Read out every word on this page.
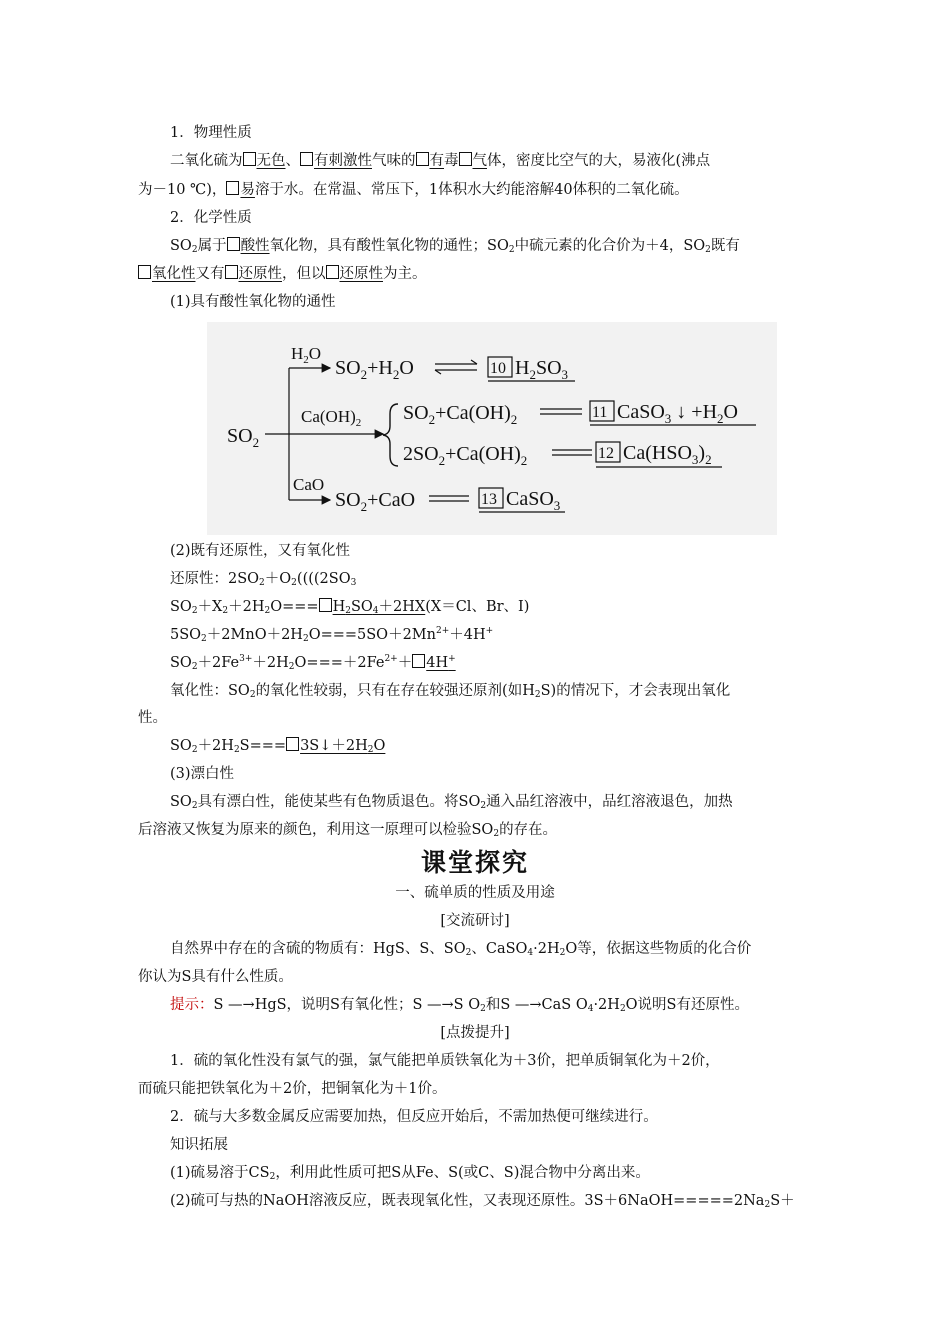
1．物理性质
二氧化硫为 无色、 有刺激性气味的 有毒 气体，密度比空气的大，易液化(沸点
为－10 ℃)， 易溶于水。在常温、常压下，1体积水大约能溶解40体积的二氧化硫。
2．化学性质
$SO_2$属于 酸性氧化物，具有酸性氧化物的通性；$SO_2$中硫元素的化合价为＋4，$SO_2$既有
氧化性又有 还原性，但以 还原性为主。
(1)具有酸性氧化物的通性
$SO_2$
$H_2O$
$Ca(OH)_2$
CaO
$SO_2+H_2O$	10 $H_2SO_3$
$SO_2+Ca(OH)_2$	11 CaSO$_3$ ↓ $+H_2O$
$2SO_2+Ca(OH)_2$	12 $Ca(HSO_3)_2$
$SO_2+CaO$	13 CaSO$_3$
(2)既有还原性，又有氧化性
还原性：$2SO_2+O_2((((2SO_3$
$SO_2+X_2+2H_2O=== H_2SO_4+2HX(X=Cl$、Br、I)
$5SO_2+2MnO+2H_2O===5SO+2Mn^{2+}+4H^+$
$SO_2+2Fe^{3+}+2H_2O===+2Fe^{2+}+ 4H^+$
氧化性：$SO_2$的氧化性较弱，只有在存在较强还原剂(如$H_2S$)的情况下，才会表现出氧化
性。
$SO_2+2H_2S===$ $3S↓+2H_2O$
(3)漂白性
$SO_2$具有漂白性，能使某些有色物质退色。将$SO_2$通入品红溶液中，品红溶液退色，加热
后溶液又恢复为原来的颜色，利用这一原理可以检验$SO_2$的存在。
课堂探究
一、硫单质的性质及用途
[交流研讨]
自然界中存在的含硫的物质有：HgS、S、$SO_2$、$CaSO_4\cdot 2H_2O$等，依据这些物质的化合价
你认为S具有什么性质。
提示：S —→HgS，说明S有氧化性；S —→S $O_2$和S —→CaS $O_4\cdot 2H_2O$说明S有还原性。
[点拨提升]
1．硫的氧化性没有氯气的强，氯气能把单质铁氧化为＋3价，把单质铜氧化为＋2价，
而硫只能把铁氧化为＋2价，把铜氧化为＋1价。
2．硫与大多数金属反应需要加热，但反应开始后，不需加热便可继续进行。
知识拓展
(1)硫易溶于$CS_2$，利用此性质可把S从Fe、S(或C、S)混合物中分离出来。
(2)硫可与热的NaOH溶液反应，既表现氧化性，又表现还原性。$3S+6NaOH=====2Na_2S+$
